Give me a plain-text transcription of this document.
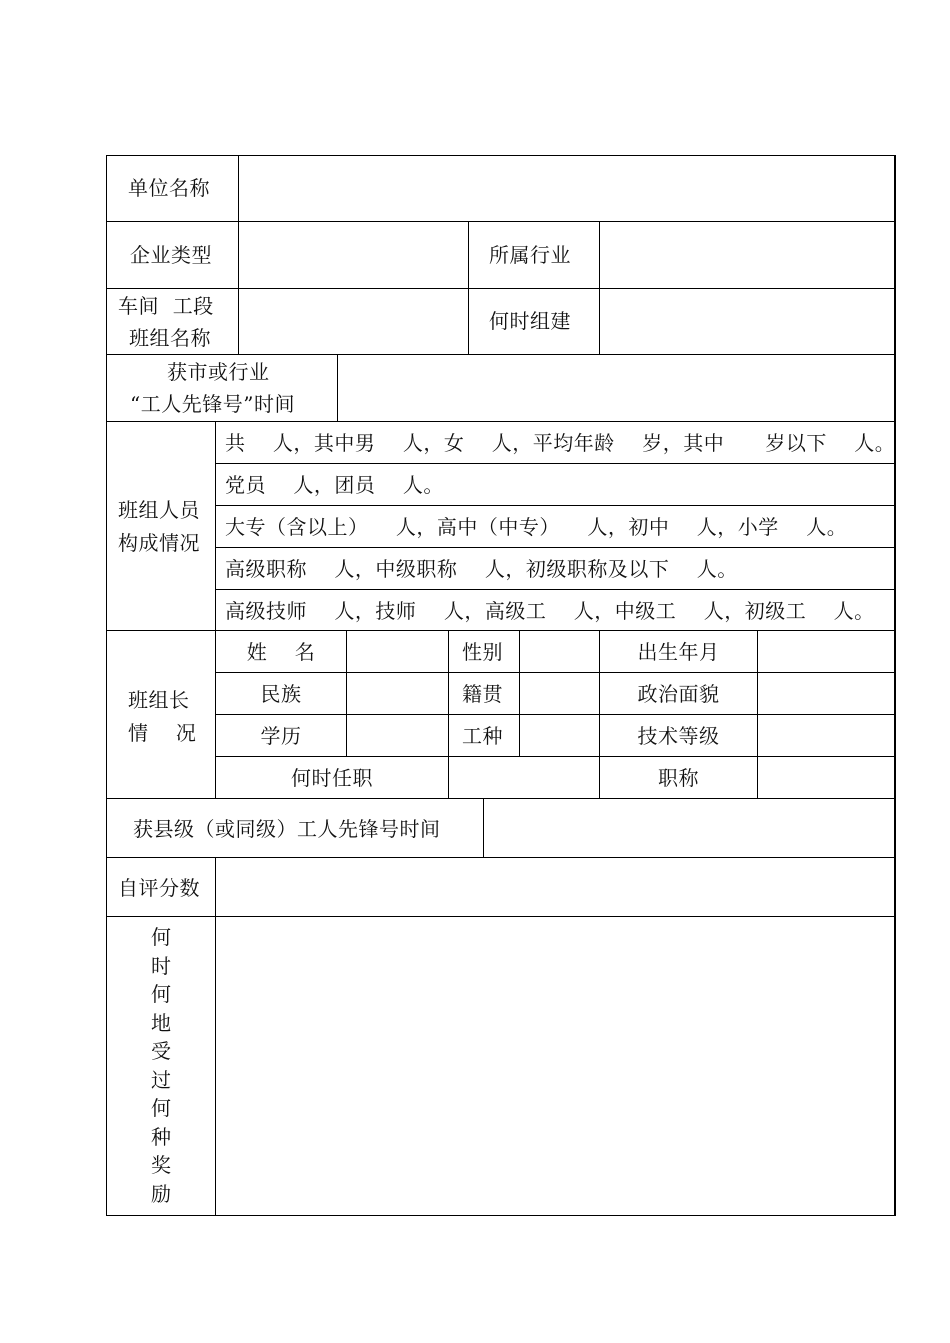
单位名称
企业类型	所属行业
车间  工段
班组名称
何时组建
获市或行业
“工人先锋号”时间
班组人员
构成情况
共    人，其中男    人，女    人，平均年龄    岁，其中      岁以下    人。
党员    人，团员    人。
大专（含以上）    人，高中（中专）    人，初中    人，小学    人。
高级职称    人，中级职称    人，初级职称及以下    人。
高级技师    人，技师    人，高级工    人，中级工    人，初级工    人。
班组长
情    况
姓    名	性别	出生年月
民族	籍贯	政治面貌
学历	工种	技术等级
何时任职	职称
获县级（或同级）工人先锋号时间
自评分数
何
时
何
地
受
过
何
种
奖
励
